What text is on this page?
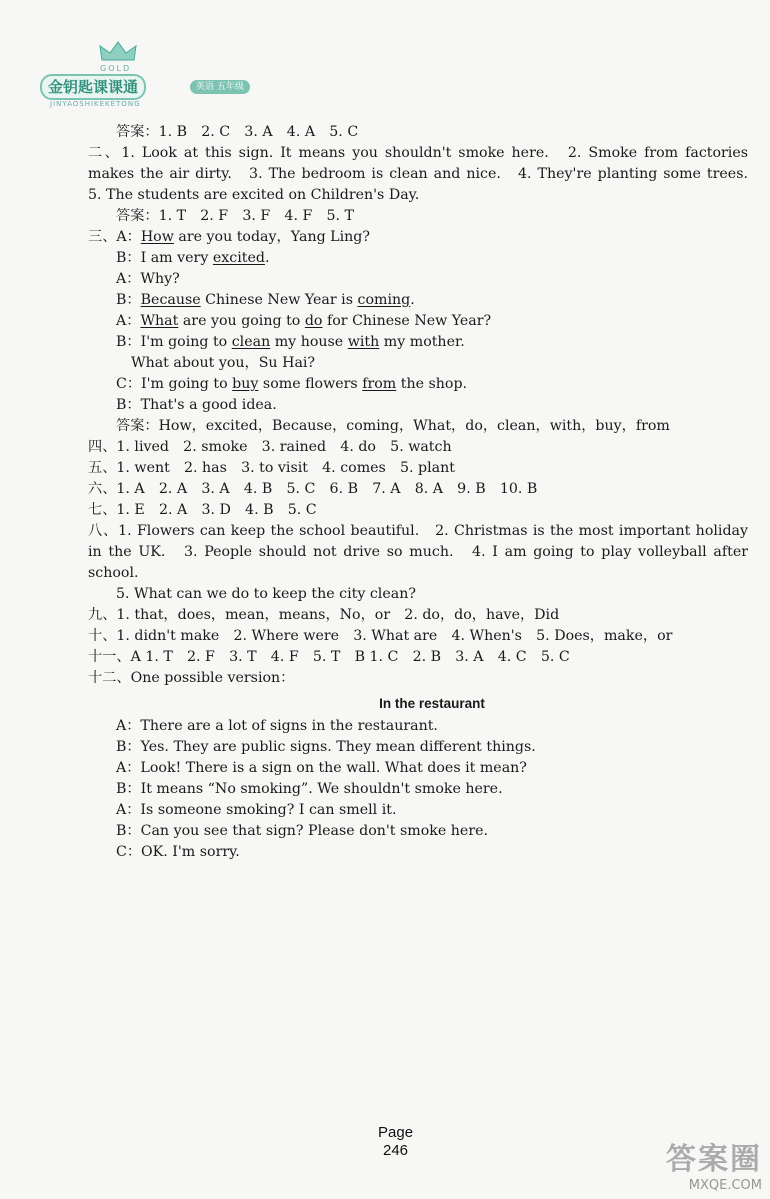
GOLD
金钥匙课课通	英语 五年级
JINYAOSHIKEKETONG
答案：1. B　2. C　3. A　4. A　5. C
二、1. Look at this sign. It means you shouldn't smoke here.　2. Smoke from factories makes the air dirty.　3. The bedroom is clean and nice.　4. They're planting some trees.　5. The students are excited on Children's Day.
答案：1. T　2. F　3. F　4. F　5. T
三、A：How are you today，Yang Ling?
B：I am very excited.
A：Why?
B：Because Chinese New Year is coming.
A：What are you going to do for Chinese New Year?
B：I'm going to clean my house with my mother.
What about you，Su Hai?
C：I'm going to buy some flowers from the shop.
B：That's a good idea.
答案：How，excited，Because，coming，What，do，clean，with，buy，from
四、1. lived　2. smoke　3. rained　4. do　5. watch
五、1. went　2. has　3. to visit　4. comes　5. plant
六、1. A　2. A　3. A　4. B　5. C　6. B　7. A　8. A　9. B　10. B
七、1. E　2. A　3. D　4. B　5. C
八、1. Flowers can keep the school beautiful.　2. Christmas is the most important holiday in the UK.　3. People should not drive so much.　4. I am going to play volleyball after school.
5. What can we do to keep the city clean?
九、1. that，does，mean，means，No，or　2. do，do，have，Did
十、1. didn't make　2. Where were　3. What are　4. When's　5. Does，make，or
十一、A 1. T　2. F　3. T　4. F　5. T　B 1. C　2. B　3. A　4. C　5. C
十二、One possible version：
In the restaurant
A：There are a lot of signs in the restaurant.
B：Yes. They are public signs. They mean different things.
A：Look! There is a sign on the wall. What does it mean?
B：It means “No smoking”. We shouldn't smoke here.
A：Is someone smoking? I can smell it.
B：Can you see that sign? Please don't smoke here.
C：OK. I'm sorry.
Page
246	答案圈
MXQE.COM
